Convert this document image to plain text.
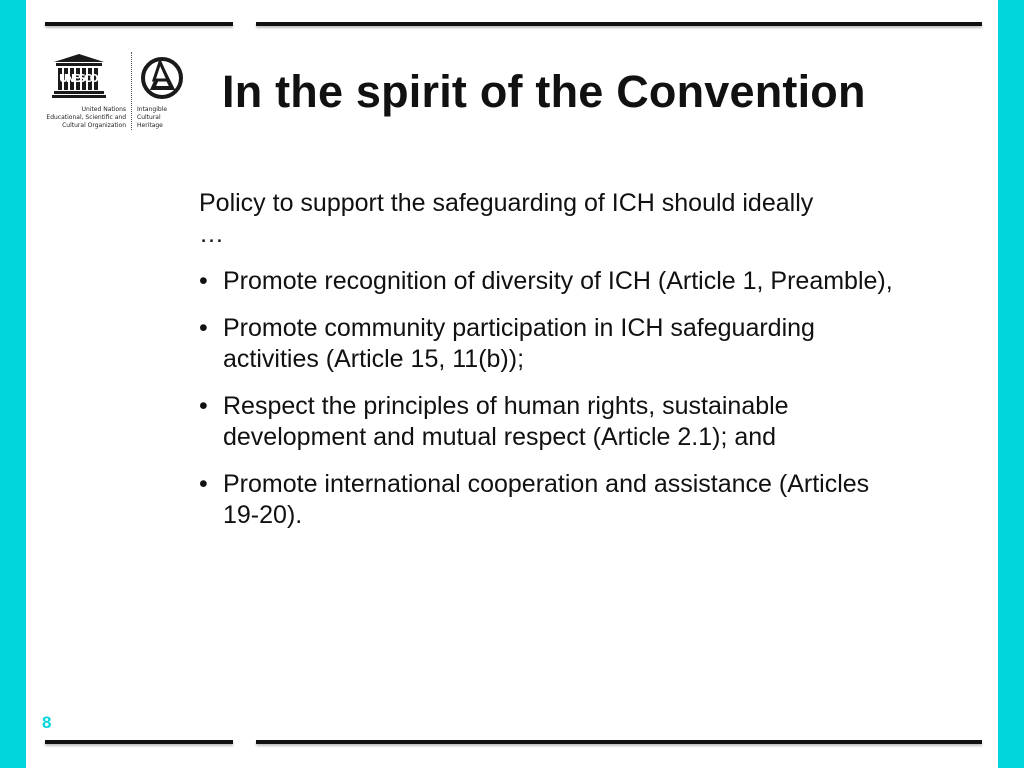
UNESCO
United Nations
Educational, Scientific and
Cultural Organization
Intangible
Cultural
Heritage
In the spirit of the Convention

Policy to support the safeguarding of ICH should ideally …

• Promote recognition of diversity of ICH (Article 1, Preamble),
• Promote community participation in ICH safeguarding activities (Article 15, 11(b));
• Respect the principles of human rights, sustainable development and mutual respect (Article 2.1); and
• Promote international cooperation and assistance (Articles 19-20).
8
